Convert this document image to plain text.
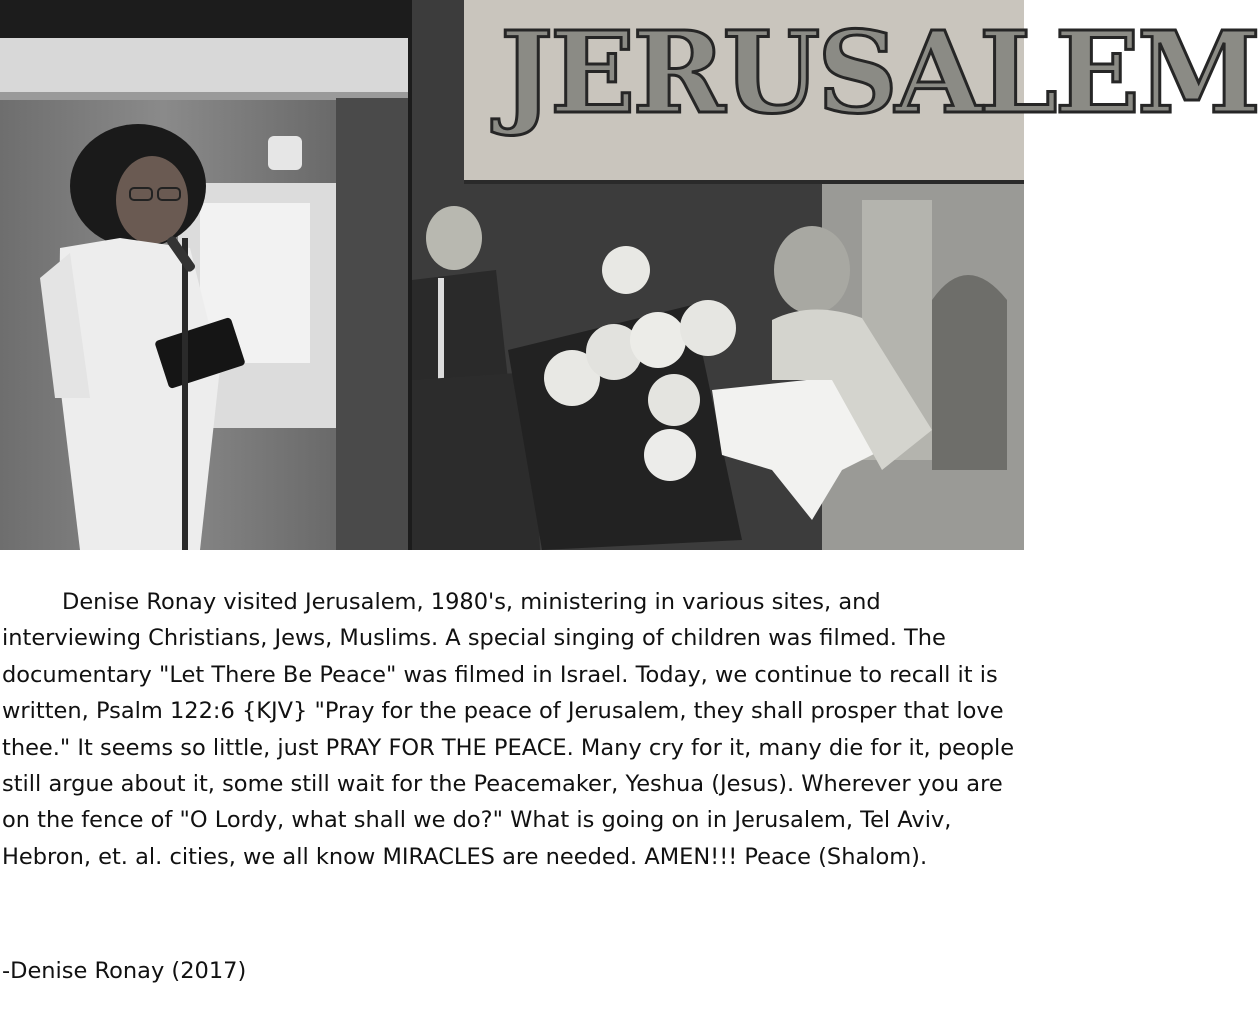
JERUSALEM

Denise Ronay visited Jerusalem, 1980's, ministering in various sites, and interviewing Christians, Jews, Muslims. A special singing of children was filmed. The documentary "Let There Be Peace" was filmed in Israel. Today, we continue to recall it is written, Psalm 122:6 {KJV} "Pray for the peace of Jerusalem, they shall prosper that love thee." It seems so little, just PRAY FOR THE PEACE. Many cry for it, many die for it, people still argue about it, some still wait for the Peacemaker, Yeshua (Jesus). Wherever you are on the fence of "O Lordy, what shall we do?" What is going on in Jerusalem, Tel Aviv, Hebron, et. al. cities, we all know MIRACLES are needed. AMEN!!! Peace (Shalom).

-Denise Ronay (2017)
